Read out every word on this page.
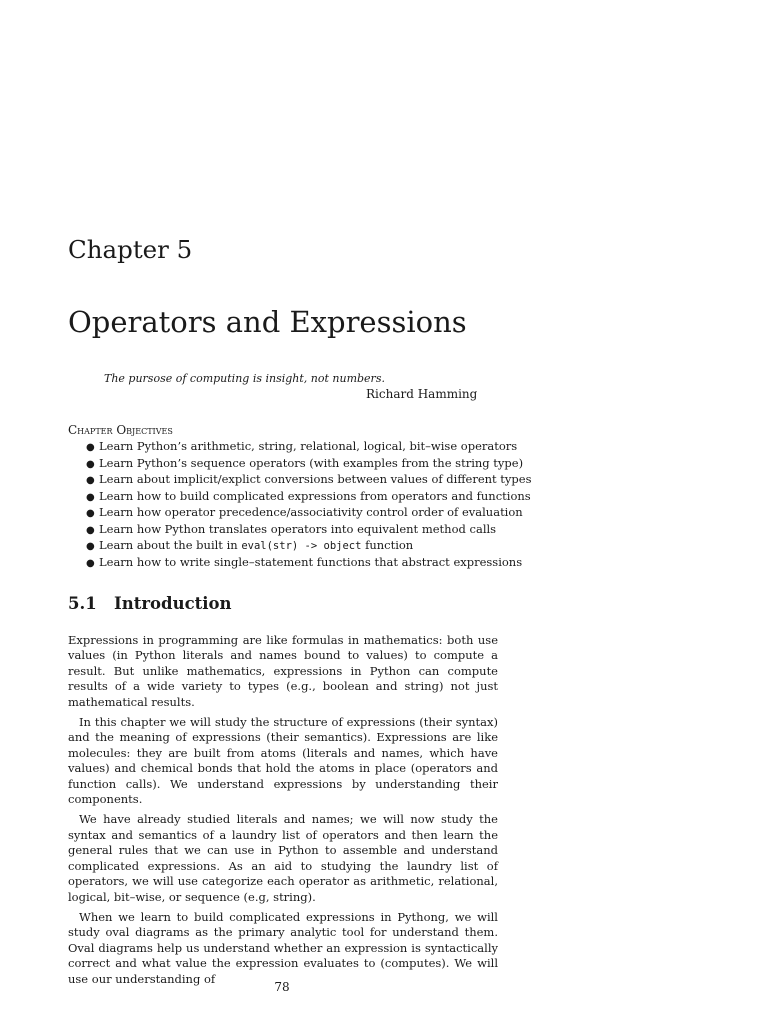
Chapter 5
Operators and Expressions
The pursose of computing is insight, not numbers.
Richard Hamming
Chapter Objectives
● Learn Python’s arithmetic, string, relational, logical, bit–wise operators
● Learn Python’s sequence operators (with examples from the string type)
● Learn about implicit/explict conversions between values of different types
● Learn how to build complicated expressions from operators and functions
● Learn how operator precedence/associativity control order of evaluation
● Learn how Python translates operators into equivalent method calls
● Learn about the built in eval(str) -> object function
● Learn how to write single–statement functions that abstract expressions
5.1 Introduction

Expressions in programming are like formulas in mathematics: both use values (in Python literals and names bound to values) to compute a result. But unlike mathematics, expressions in Python can compute results of a wide variety to types (e.g., boolean and string) not just mathematical results.

In this chapter we will study the structure of expressions (their syntax) and the meaning of expressions (their semantics). Expressions are like molecules: they are built from atoms (literals and names, which have values) and chemical bonds that hold the atoms in place (operators and function calls). We understand expressions by understanding their components.

We have already studied literals and names; we will now study the syntax and semantics of a laundry list of operators and then learn the general rules that we can use in Python to assemble and understand complicated expressions. As an aid to studying the laundry list of operators, we will use categorize each operator as arithmetic, relational, logical, bit–wise, or sequence (e.g, string).

When we learn to build complicated expressions in Pythong, we will study oval diagrams as the primary analytic tool for understand them. Oval diagrams help us understand whether an expression is syntactically correct and what value the expression evaluates to (computes). We will use our understanding of

78
